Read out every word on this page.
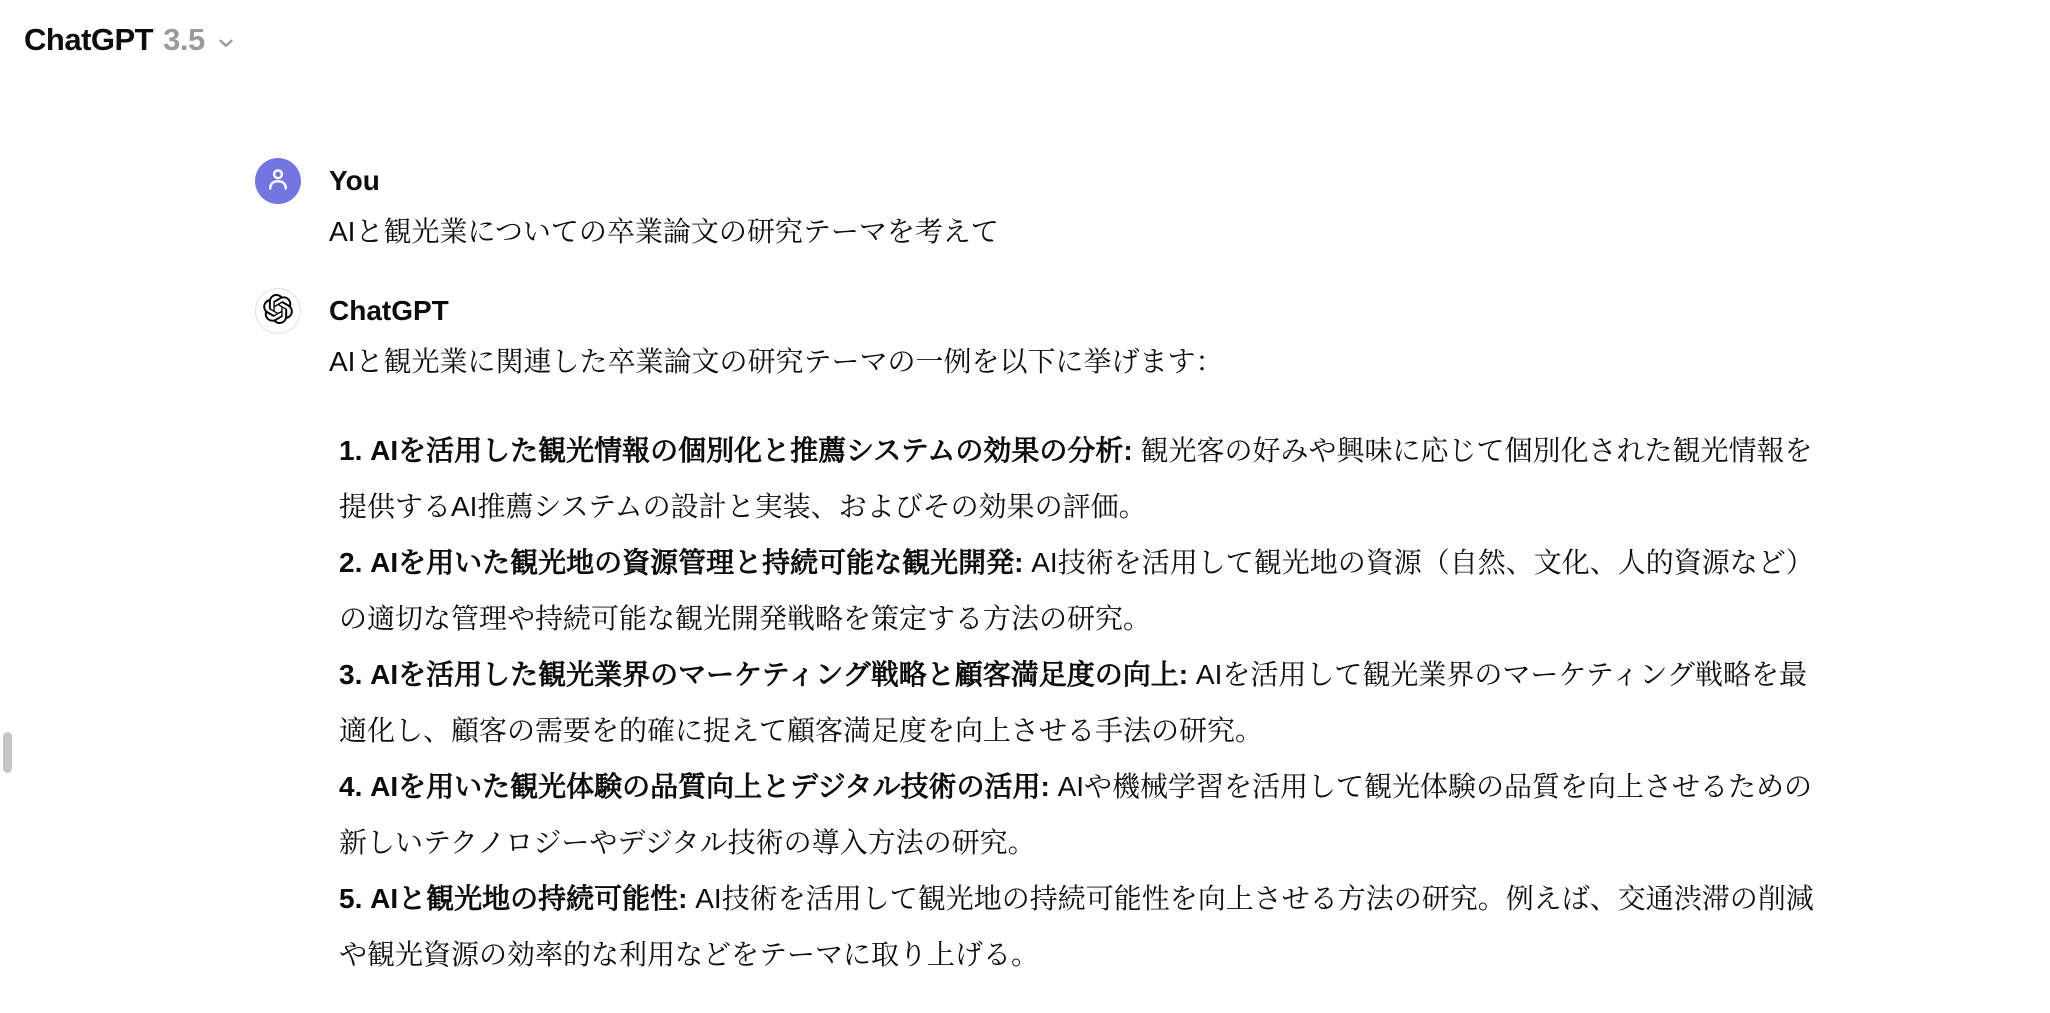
ChatGPT 3.5
You
AIと観光業についての卒業論文の研究テーマを考えて
ChatGPT
AIと観光業に関連した卒業論文の研究テーマの一例を以下に挙げます：
1. AIを活用した観光情報の個別化と推薦システムの効果の分析: 観光客の好みや興味に応じて個別化された観光情報を提供するAI推薦システムの設計と実装、およびその効果の評価。
2. AIを用いた観光地の資源管理と持続可能な観光開発: AI技術を活用して観光地の資源（自然、文化、人的資源など）の適切な管理や持続可能な観光開発戦略を策定する方法の研究。
3. AIを活用した観光業界のマーケティング戦略と顧客満足度の向上: AIを活用して観光業界のマーケティング戦略を最適化し、顧客の需要を的確に捉えて顧客満足度を向上させる手法の研究。
4. AIを用いた観光体験の品質向上とデジタル技術の活用: AIや機械学習を活用して観光体験の品質を向上させるための新しいテクノロジーやデジタル技術の導入方法の研究。
5. AIと観光地の持続可能性: AI技術を活用して観光地の持続可能性を向上させる方法の研究。例えば、交通渋滞の削減や観光資源の効率的な利用などをテーマに取り上げる。
